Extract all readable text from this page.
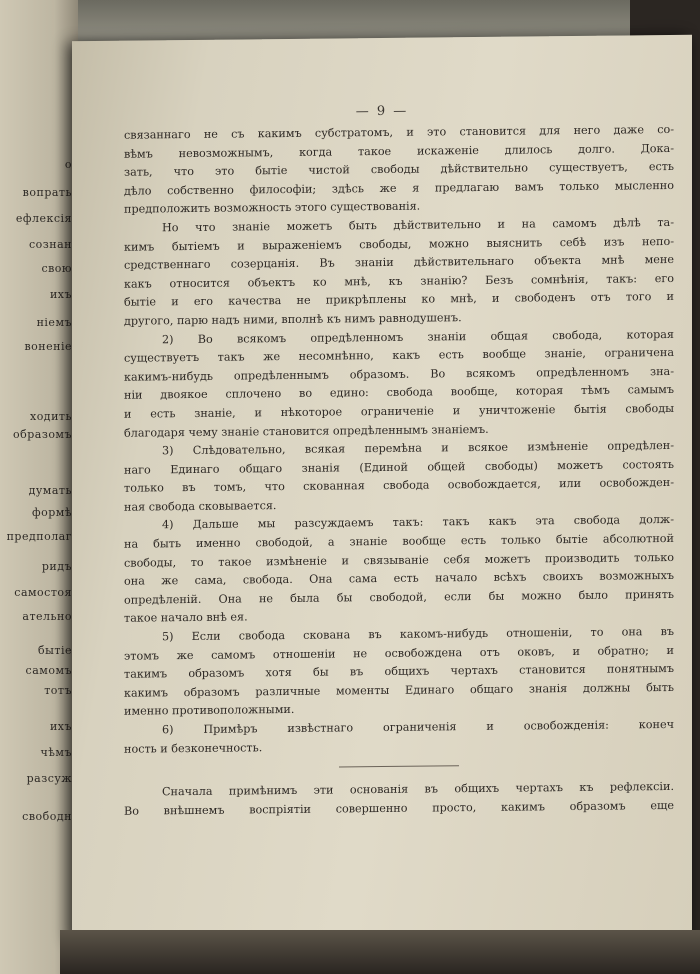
о
вопрать
ефлексія
сознан
свою
ихъ
ніемъ
воненіе
ходить
образомъ
думать
формѣ
предполаг
ридъ
самостоя
ательно
бытіе
самомъ
тотъ
ихъ
чѣмъ
разсуж
свободн
— 9 —
связаннаго не съ какимъ субстратомъ, и это становится для него даже со-
вѣмъ невозможнымъ, когда такое искаженіе длилось долго. Дока-
зать, что это бытіе чистой свободы дѣйствительно существуетъ, есть
дѣло собственно философіи; здѣсь же я предлагаю вамъ только мысленно
предположить возможность этого существованія.
Но что знаніе можетъ быть дѣйствительно и на самомъ дѣлѣ та-
кимъ бытіемъ и выраженіемъ свободы, можно выяснить себѣ изъ непо-
средственнаго созерцанія. Въ знаніи дѣйствительнаго объекта мнѣ мене
какъ относится объектъ ко мнѣ, къ знанію? Безъ сомнѣнія, такъ: его
бытіе и его качества не прикрѣплены ко мнѣ, и свободенъ отъ того и
другого, парю надъ ними, вполнѣ къ нимъ равнодушенъ.
2) Во всякомъ опредѣленномъ знаніи общая свобода, которая
существуетъ такъ же несомнѣнно, какъ есть вообще знаніе, ограничена
какимъ-нибудь опредѣленнымъ образомъ. Во всякомъ опредѣленномъ зна-
ніи двоякое сплочено во едино: свобода вообще, которая тѣмъ самымъ
и есть знаніе, и нѣкоторое ограниченіе и уничтоженіе бытія свободы
благодаря чему знаніе становится опредѣленнымъ знаніемъ.
3) Слѣдовательно, всякая перемѣна и всякое измѣненіе опредѣлен-
наго Единаго общаго знанія (Единой общей свободы) можетъ состоять
только въ томъ, что скованная свобода освобождается, или освобожден-
ная свобода сковывается.
4) Дальше мы разсуждаемъ такъ: такъ какъ эта свобода долж-
на быть именно свободой, а знаніе вообще есть только бытіе абсолютной
свободы, то такое измѣненіе и связываніе себя можетъ производить только
она же сама, свобода. Она сама есть начало всѣхъ своихъ возможныхъ
опредѣленій. Она не была бы свободой, если бы можно было принять
такое начало внѣ ея.
5) Если свобода скована въ какомъ-нибудь отношеніи, то она въ
этомъ же самомъ отношеніи не освобождена отъ оковъ, и обратно; и
такимъ образомъ хотя бы въ общихъ чертахъ становится понятнымъ
какимъ образомъ различные моменты Единаго общаго знанія должны быть
именно противоположными.
6) Примѣръ извѣстнаго ограниченія и освобожденія: конеч
ность и безконечность.
Сначала примѣнимъ эти основанія въ общихъ чертахъ къ рефлексіи.
Во внѣшнемъ воспріятіи совершенно просто, какимъ образомъ еще
